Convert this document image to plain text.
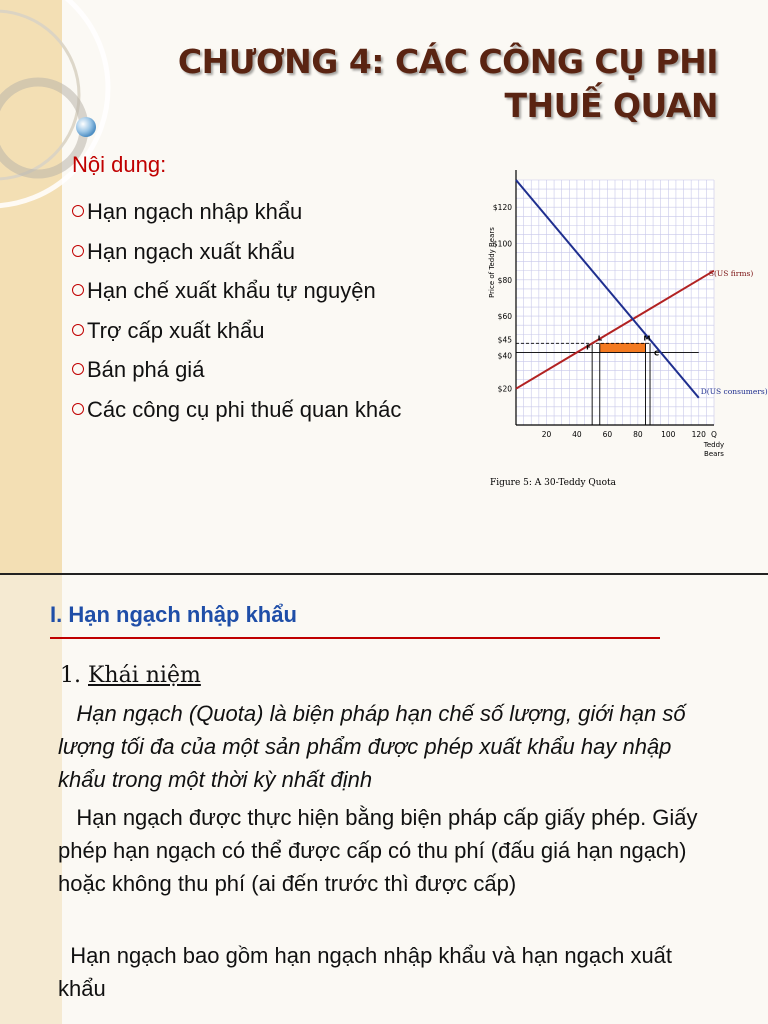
CHƯƠNG 4: CÁC CÔNG CỤ PHI THUẾ QUAN
Nội dung:
Hạn ngạch nhập khẩu
Hạn ngạch xuất khẩu
Hạn chế xuất khẩu tự nguyện
Trợ cấp xuất khẩu
Bán phá giá
Các công cụ phi thuế quan khác
S(US firms)
D(US consumers)
$20
$40
$45
$60
$80
$100
$120
20	40	60	80 100 120 Q
Price of Teddy Bears
Teddy
Bears
F
L	M
C
Figure 5: A 30-Teddy Quota
I. Hạn ngạch nhập khẩu
1. Khái niệm
Hạn ngạch (Quota) là biện pháp hạn chế số lượng, giới hạn số lượng tối đa của một sản phẩm được phép xuất khẩu hay nhập khẩu trong một thời kỳ nhất định
Hạn ngạch được thực hiện bằng biện pháp cấp giấy phép. Giấy phép hạn ngạch có thể được cấp có thu phí (đấu giá hạn ngạch) hoặc không thu phí (ai đến trước thì được cấp)
Hạn ngạch bao gồm hạn ngạch nhập khẩu và hạn ngạch xuất khẩu
